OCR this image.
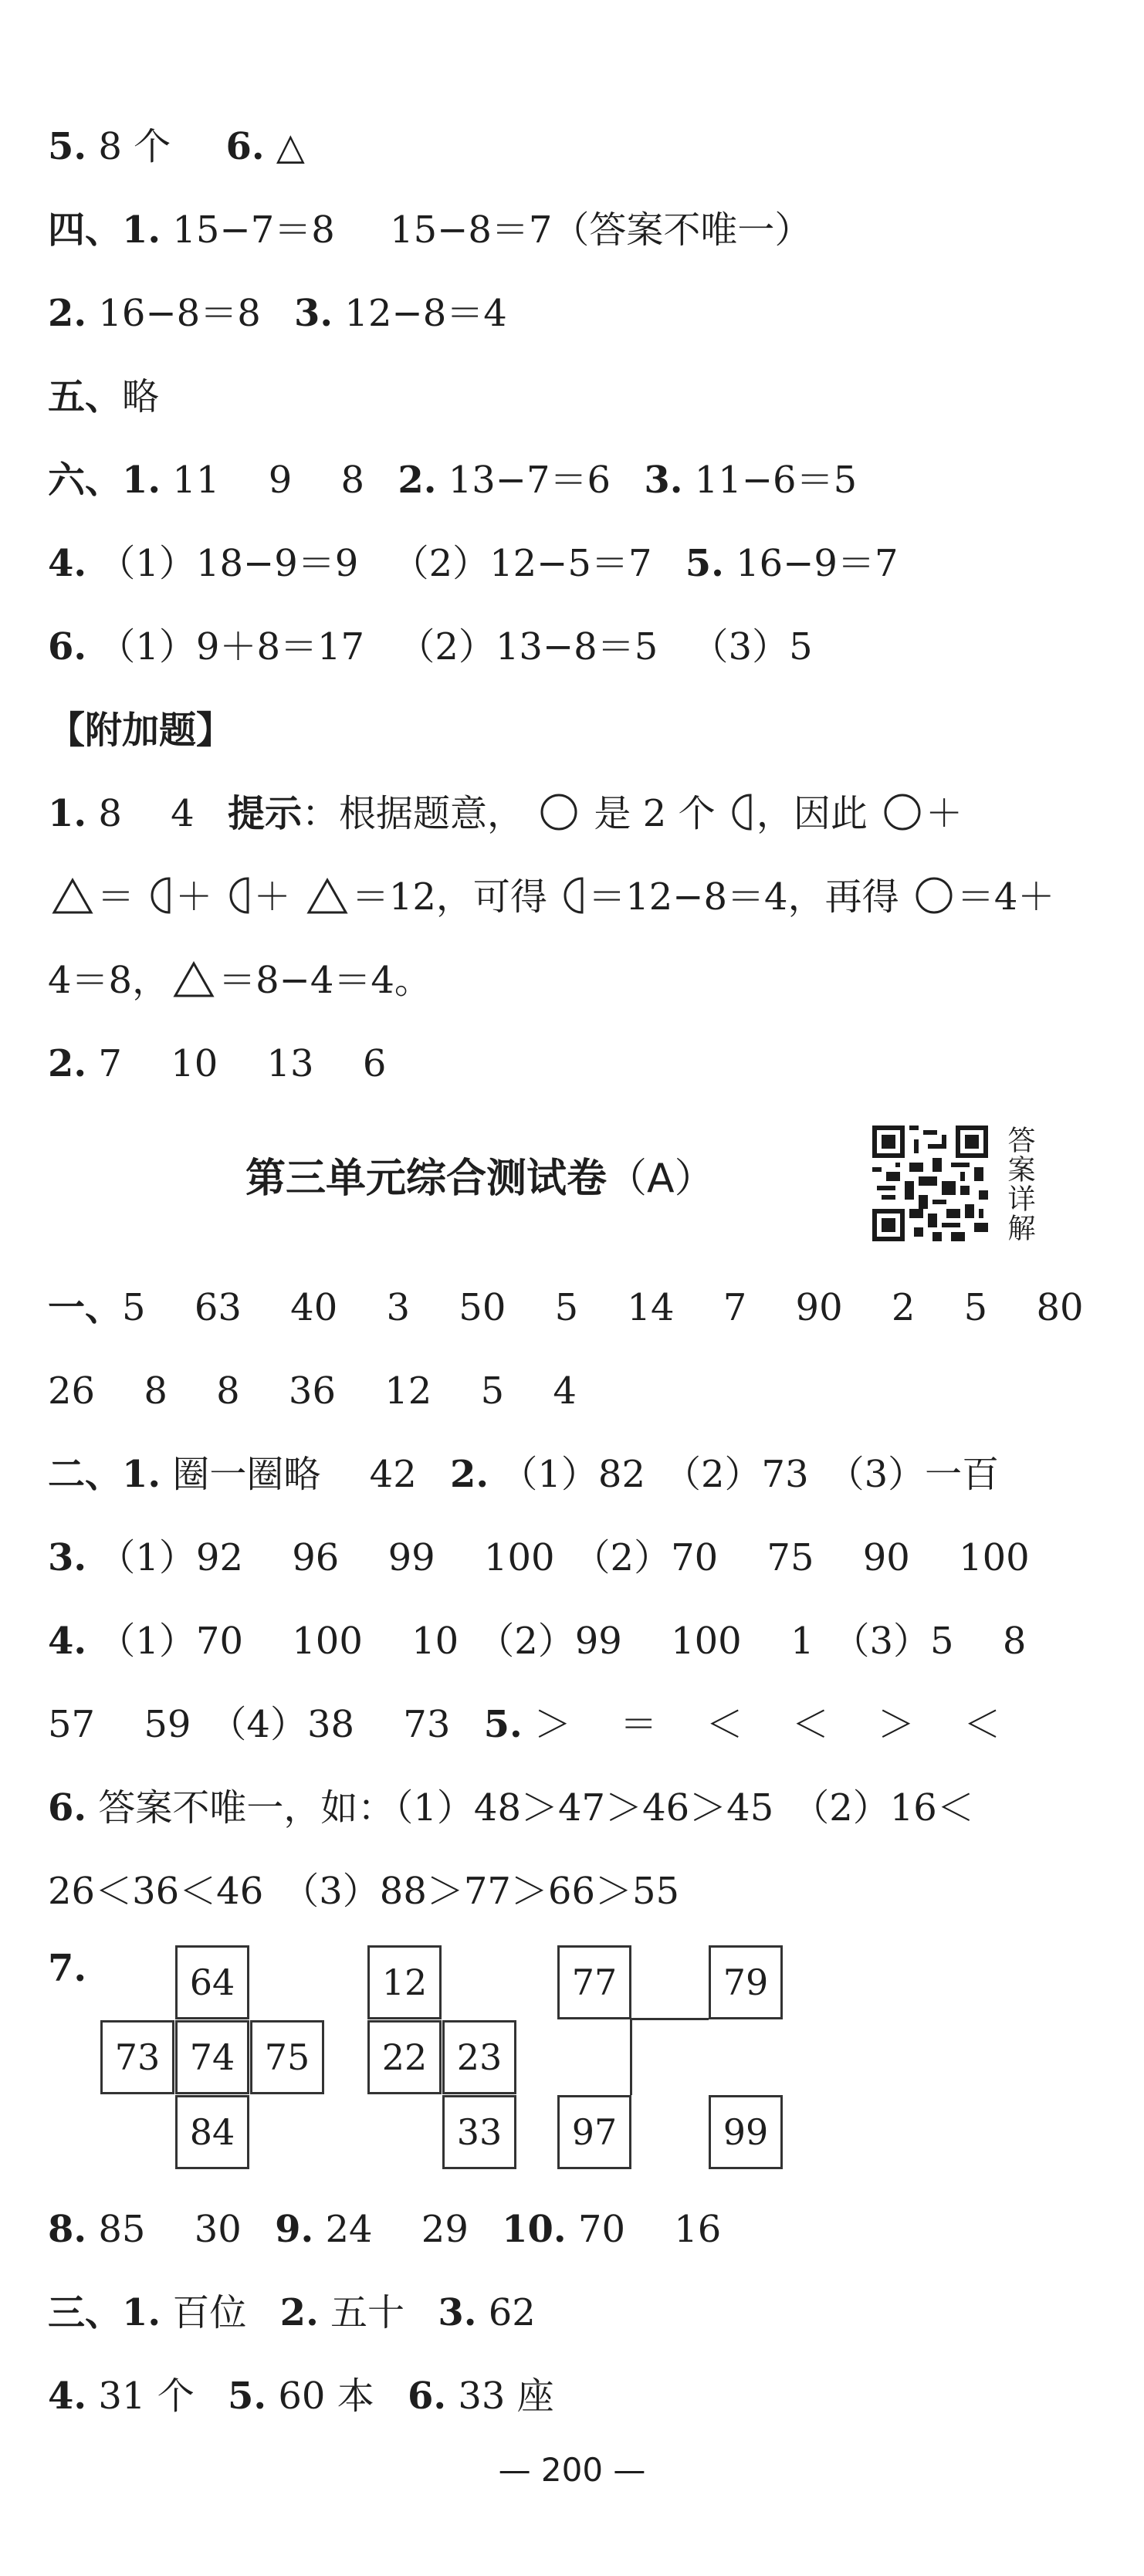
5. 8 个 6. △
四、1. 15−7＝8 15−8＝7（答案不唯一）
2. 16−8＝8 3. 12−8＝4
五、略
六、1. 11　 9　 8 2. 13−7＝6 3. 11−6＝5
4. （1）18−9＝9 （2）12−5＝7 5. 16−9＝7
6. （1）9＋8＝17 （2）13−8＝5 （3）5
【附加题】
1. 8　 4 提示：根据题意， 是 2 个 ，因此 ＋
＝ ＋ ＋ ＝12，可得 ＝12−8＝4，再得 ＝4＋
4＝8， ＝8−4＝4。
2. 7　 10　 13　 6
第三单元综合测试卷（A）	答案详解
一、5　 63　 40　 3　 50　 5　 14　 7　 90　 2　 5　 80
26　 8　 8　 36　 12　 5　 4
二、1. 圈一圈略　 42 2. （1）82　（2）73　（3）一百
3. （1）92　 96　 99　 100　（2）70　 75　 90　 100
4. （1）70　 100　 10　（2）99　 100　 1　（3）5　 8
57　 59　（4）38　 73 5. ＞　 ＝　 ＜　 ＜　 ＞　 ＜
6. 答案不唯一，如：（1）48＞47＞46＞45　（2）16＜
26＜36＜46　（3）88＞77＞66＞55
7.	64
73 74 75
84
12
22 23
33
77	79
97	99
8. 85　 30 9. 24　 29 10. 70　 16
三、1. 百位 2. 五十 3. 62
4. 31 个 5. 60 本 6. 33 座
— 200 —
